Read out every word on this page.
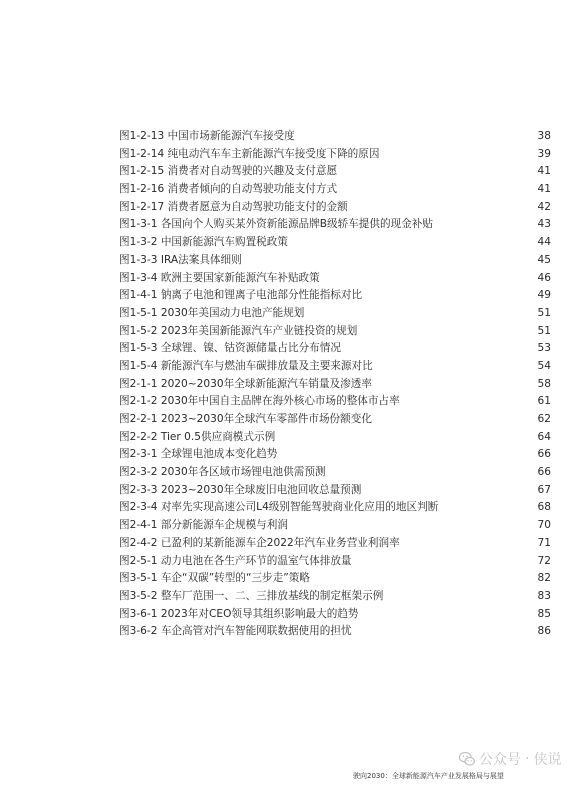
图1-2-13 中国市场新能源汽车接受度	38
图1-2-14 纯电动汽车车主新能源汽车接受度下降的原因	39
图1-2-15 消费者对自动驾驶的兴趣及支付意愿	41
图1-2-16 消费者倾向的自动驾驶功能支付方式	41
图1-2-17 消费者愿意为自动驾驶功能支付的金额	42
图1-3-1 各国向个人购买某外资新能源品牌B级轿车提供的现金补贴	43
图1-3-2 中国新能源汽车购置税政策	44
图1-3-3 IRA法案具体细则	45
图1-3-4 欧洲主要国家新能源汽车补贴政策	46
图1-4-1 钠离子电池和锂离子电池部分性能指标对比	49
图1-5-1 2030年美国动力电池产能规划	51
图1-5-2 2023年美国新能源汽车产业链投资的规划	51
图1-5-3 全球锂、镍、钴资源储量占比分布情况	53
图1-5-4 新能源汽车与燃油车碳排放量及主要来源对比	54
图2-1-1 2020~2030年全球新能源汽车销量及渗透率	58
图2-1-2 2030年中国自主品牌在海外核心市场的整体市占率	61
图2-2-1 2023~2030年全球汽车零部件市场份额变化	62
图2-2-2 Tier 0.5供应商模式示例	64
图2-3-1 全球锂电池成本变化趋势	66
图2-3-2 2030年各区域市场锂电池供需预测	66
图2-3-3 2023~2030年全球废旧电池回收总量预测	67
图2-3-4 对率先实现高速公司L4级别智能驾驶商业化应用的地区判断	68
图2-4-1 部分新能源车企规模与利润	70
图2-4-2 已盈利的某新能源车企2022年汽车业务营业利润率	71
图2-5-1 动力电池在各生产环节的温室气体排放量	72
图3-5-1 车企“双碳”转型的“三步走”策略	82
图3-5-2 整车厂范围一、二、三排放基线的制定框架示例	83
图3-6-1 2023年对CEO领导其组织影响最大的趋势	85
图3-6-2 车企高管对汽车智能网联数据使用的担忧	86
公众号 · 侠说
驶向2030：全球新能源汽车产业发展格局与展望
